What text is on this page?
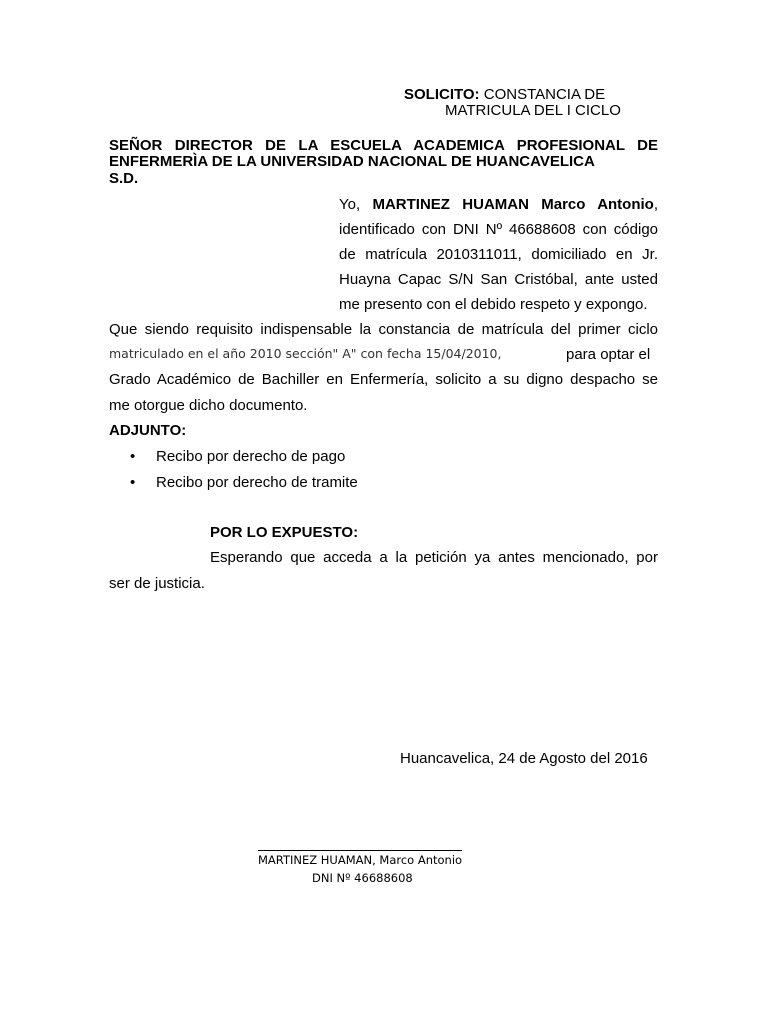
SOLICITO: CONSTANCIA DE
MATRICULA DEL I CICLO
SEÑOR DIRECTOR DE LA ESCUELA ACADEMICA PROFESIONAL DE
ENFERMERÌA DE LA UNIVERSIDAD NACIONAL DE HUANCAVELICA
S.D.
Yo, MARTINEZ HUAMAN Marco Antonio,
identificado con DNI Nº 46688608 con código
de matrícula 2010311011, domiciliado en Jr.
Huayna Capac S/N San Cristóbal, ante usted
me presento con el debido respeto y expongo.
Que siendo requisito indispensable la constancia de matrícula del primer ciclo
matriculado en el año 2010 sección" A" con fecha 15/04/2010,	para optar el
Grado Académico de Bachiller en Enfermería, solicito a su digno despacho se
me otorgue dicho documento.
ADJUNTO:
• Recibo por derecho de pago
• Recibo por derecho de tramite
POR LO EXPUESTO:
Esperando que acceda a la petición ya antes mencionado, por
ser de justicia.
Huancavelica, 24 de Agosto del 2016
MARTINEZ HUAMAN, Marco Antonio
DNI Nº 46688608
